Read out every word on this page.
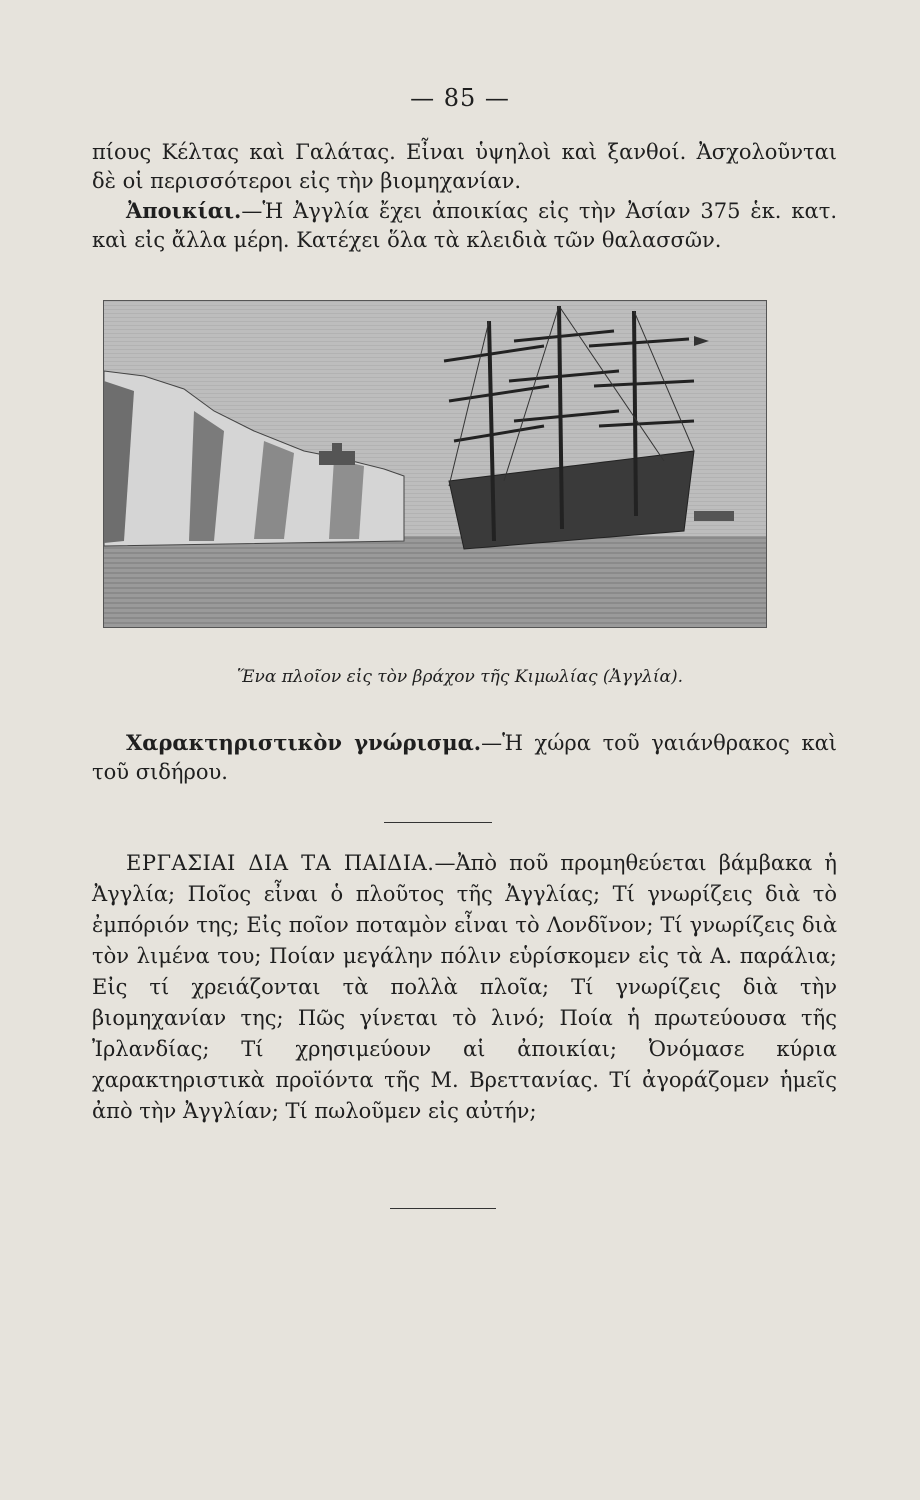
— 85 —

πίους Κέλτας καὶ Γαλάτας. Εἶναι ὑψηλοὶ καὶ ξανθοί. Ἀσχολοῦνται δὲ οἱ περισσότεροι εἰς τὴν βιομηχανίαν.

Ἀποικίαι.—Ἡ Ἀγγλία ἔχει ἀποικίας εἰς τὴν Ἀσίαν 375 ἑκ. κατ. καὶ εἰς ἄλλα μέρη. Κατέχει ὅλα τὰ κλειδιὰ τῶν θαλασσῶν.

Ἕνα πλοῖον εἰς τὸν βράχον τῆς Κιμωλίας (Ἀγγλία).

Χαρακτηριστικὸν γνώρισμα.—Ἡ χώρα τοῦ γαιάνθρακος καὶ τοῦ σιδήρου.

ΕΡΓΑΣΙΑΙ ΔΙΑ ΤΑ ΠΑΙΔΙΑ.—Ἀπὸ ποῦ προμηθεύεται βάμβακα ἡ Ἀγγλία; Ποῖος εἶναι ὁ πλοῦτος τῆς Ἀγγλίας; Τί γνωρίζεις διὰ τὸ ἐμπόριόν της; Εἰς ποῖον ποταμὸν εἶναι τὸ Λονδῖνον; Τί γνωρίζεις διὰ τὸν λιμένα του; Ποίαν μεγάλην πόλιν εὑρίσκομεν εἰς τὰ Α. παράλια; Εἰς τί χρειάζονται τὰ πολλὰ πλοῖα; Τί γνωρίζεις διὰ τὴν βιομηχανίαν της; Πῶς γίνεται τὸ λινό; Ποία ἡ πρωτεύουσα τῆς Ἰρλανδίας; Τί χρησιμεύουν αἱ ἀποικίαι; Ὀνόμασε κύρια χαρακτηριστικὰ προϊόντα τῆς Μ. Βρεττανίας. Τί ἀγοράζομεν ἡμεῖς ἀπὸ τὴν Ἀγγλίαν; Τί πωλοῦμεν εἰς αὐτήν;
